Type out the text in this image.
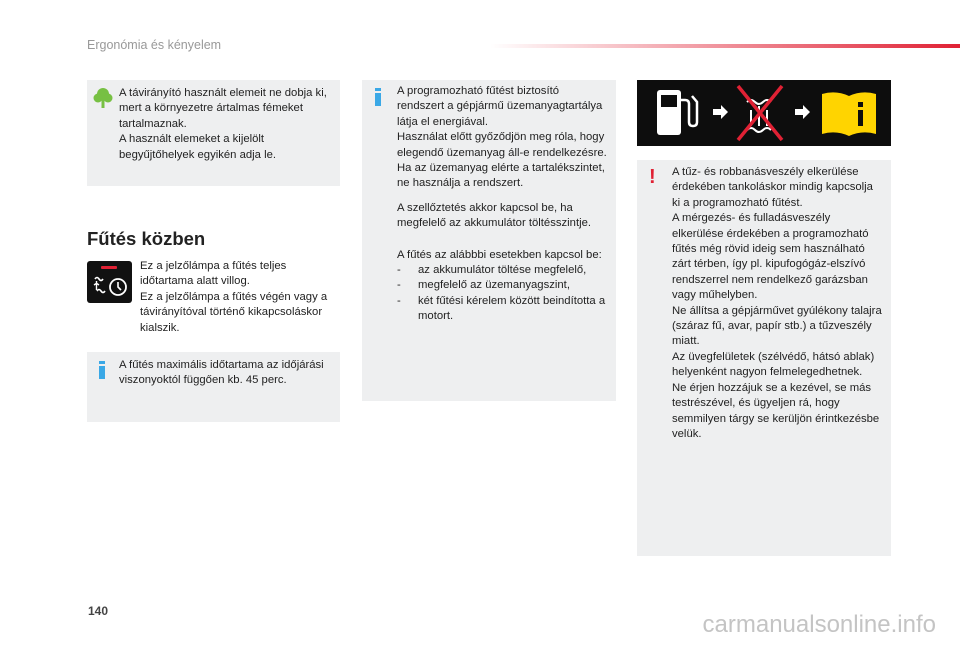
Ergonómia és kényelem

A távirányító használt elemeit ne dobja ki, mert a környezetre ártalmas fémeket tartalmaznak.
A használt elemeket a kijelölt begyűjtőhelyek egyikén adja le.

Fűtés közben

Ez a jelzőlámpa a fűtés teljes időtartama alatt villog.
Ez a jelzőlámpa a fűtés végén vagy a távirányítóval történő kikapcsoláskor kialszik.

A fűtés maximális időtartama az időjárási viszonyoktól függően kb. 45 perc.

A programozható fűtést biztosító rendszert a gépjármű üzemanyagtartálya látja el energiával.
Használat előtt győződjön meg róla, hogy elegendő üzemanyag áll-e rendelkezésre.
Ha az üzemanyag elérte a tartalékszintet, ne használja a rendszert.

A szellőztetés akkor kapcsol be, ha megfelelő az akkumulátor töltésszintje.

A fűtés az alábbbi esetekben kapcsol be:

- az akkumulátor töltése megfelelő,
- megfelelő az üzemanyagszint,
- két fűtési kérelem között beindította a motort.
! A tűz- és robbanásveszély elkerülése érdekében tankoláskor mindig kapcsolja ki a programozható fűtést.
A mérgezés- és fulladásveszély elkerülése érdekében a programozható fűtés még rövid ideig sem használható zárt térben, így pl. kipufogógáz-elszívó rendszerrel nem rendelkező garázsban vagy műhelyben.
Ne állítsa a gépjárművet gyúlékony talajra (száraz fű, avar, papír stb.) a tűzveszély miatt.
Az üvegfelületek (szélvédő, hátsó ablak) helyenként nagyon felmelegedhetnek.
Ne érjen hozzájuk se a kezével, se más testrészével, és ügyeljen rá, hogy semmilyen tárgy se kerüljön érintkezésbe velük.

140	carmanualsonline.info
